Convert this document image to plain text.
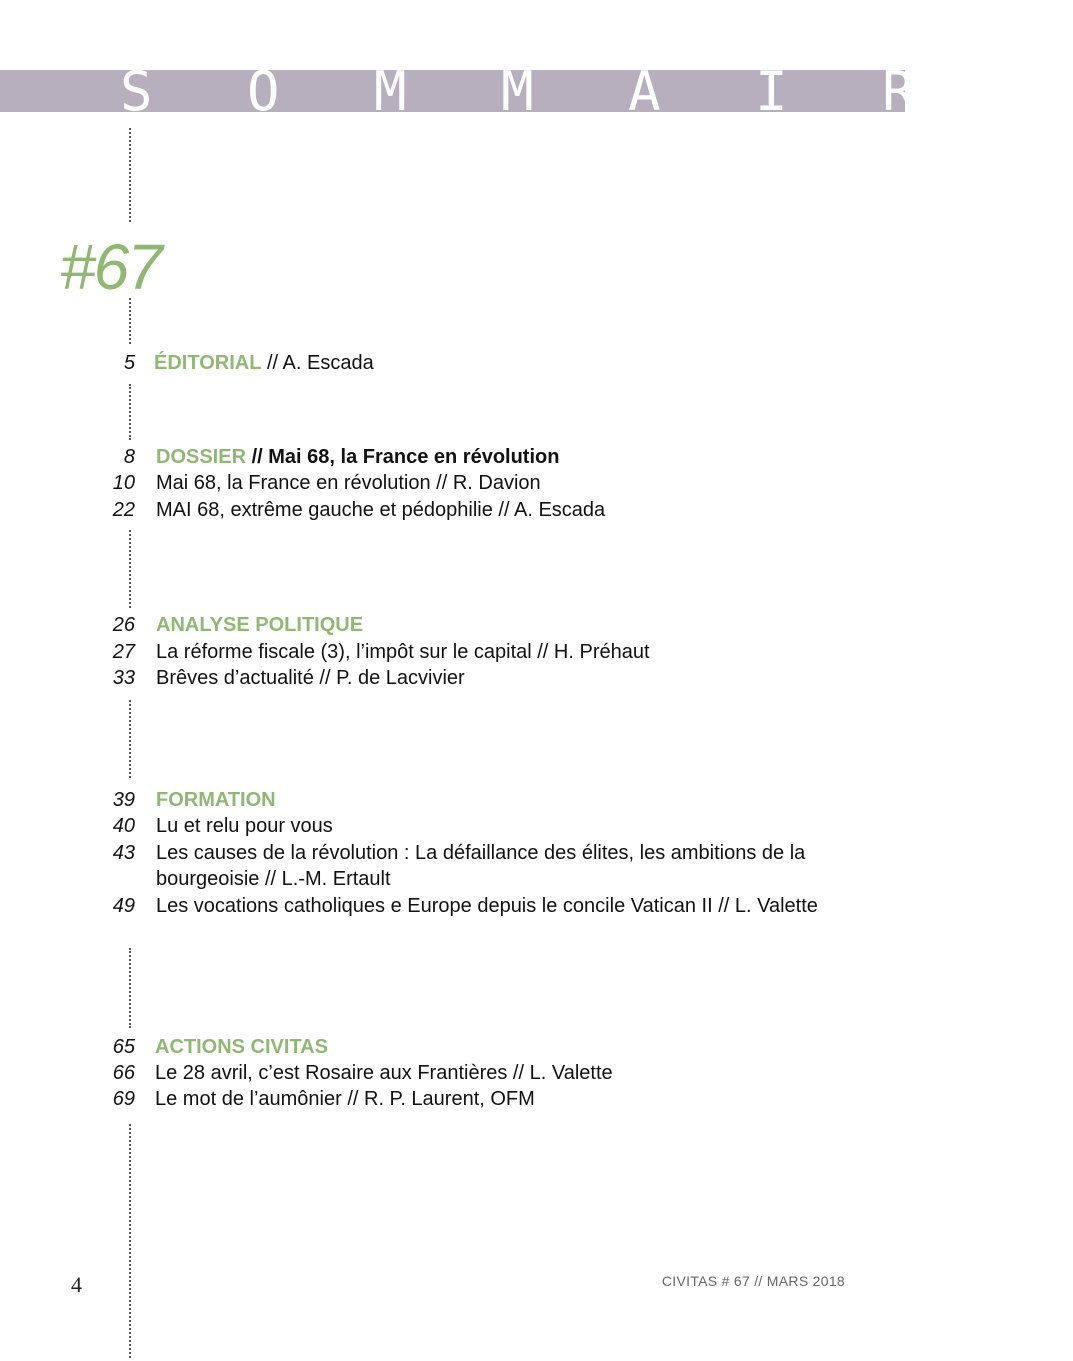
S O M M A I R E
#67
5 ÉDITORIAL // A. Escada
8 DOSSIER // Mai 68, la France en révolution
10 Mai 68, la France en révolution // R. Davion
22 MAI 68, extrême gauche et pédophilie // A. Escada
26 ANALYSE POLITIQUE
27 La réforme fiscale (3), l’impôt sur le capital // H. Préhaut
33 Brêves d’actualité // P. de Lacvivier
39 FORMATION
40 Lu et relu pour vous
43 Les causes de la révolution : La défaillance des élites, les ambitions de la bourgeoisie // L.-M. Ertault
49 Les vocations catholiques e Europe depuis le concile Vatican II // L. Valette
65 ACTIONS CIVITAS
66 Le 28 avril, c’est Rosaire aux Frantières // L. Valette
69 Le mot de l’aumônier // R. P. Laurent, OFM
4	CIVITAS # 67 // MARS 2018
